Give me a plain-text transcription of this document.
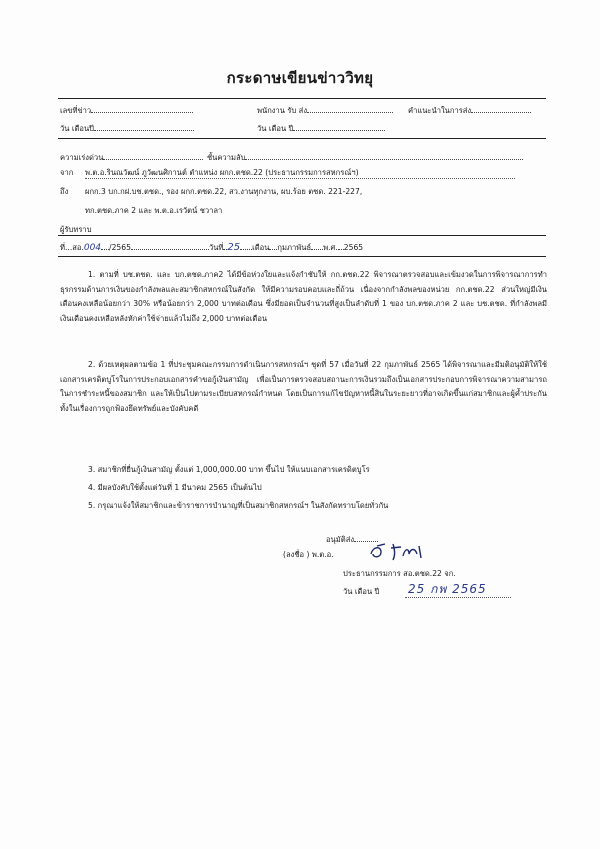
กระดาษเขียนข่าววิทยุ
เลขที่ข่าว	พนักงาน รับ ส่ง	คำแนะนำในการส่ง
วัน เดือนปี	วัน เดือน ปี
ความเร่งด่วน	ชั้นความลับ
จาก พ.ต.อ.รินณวัฒน์ ภูวัฒนศิกานต์ ตำแหน่ง ผกก.ตชด.22 (ประธานกรรมการสหกรณ์ฯ)
ถึง ผกก.3 บก.กฝ.บช.ตชด., รอง ผกก.ตชด.22, สว.งานทุกงาน, ผบ.ร้อย ตชด. 221-227,
ทก.ตชด.ภาค 2 และ พ.ต.อ.เรวัตน์ ชวาลา
ผู้รับทราบ
ที่...สอ.004 /2565	วันที่ 25 เดือน กุมภาพันธ์ พ.ศ. 2565
1. ตามที่ บช.ตชด. และ บก.ตชด.ภาค2 ได้มีข้อห่วงใยและแจ้งกำชับให้ กก.ตชด.22 พิจารณาตรวจสอบและเข้มงวดในการพิจารณาการทำธุรกรรมด้านการเงินของกำลังพลและสมาชิกสหกรณ์ในสังกัด ให้มีความรอบคอบและถี่ถ้วน เนื่องจากกำลังพลของหน่วย กก.ตชด.22 ส่วนใหญ่มีเงินเดือนคงเหลือน้อยกว่า 30% หรือน้อยกว่า 2,000 บาทต่อเดือน ซึ่งมียอดเป็นจำนวนที่สูงเป็นลำดับที่ 1 ของ บก.ตชด.ภาค 2 และ บช.ตชด. ที่กำลังพลมีเงินเดือนคงเหลือหลังหักค่าใช้จ่ายแล้วไม่ถึง 2,000 บาทต่อเดือน
2. ด้วยเหตุผลตามข้อ 1 ที่ประชุมคณะกรรมการดำเนินการสหกรณ์ฯ ชุดที่ 57 เมื่อวันที่ 22 กุมภาพันธ์ 2565 ได้พิจารณาและมีมติอนุมัติให้ใช้เอกสารเครดิตบูโรในการประกอบเอกสารคำขอกู้เงินสามัญ เพื่อเป็นการตรวจสอบสถานะการเงินรวมถึงเป็นเอกสารประกอบการพิจารณาความสามารถในการชำระหนี้ของสมาชิก และให้เป็นไปตามระเบียบสหกรณ์กำหนด โดยเป็นการแก้ไขปัญหาหนี้สินในระยะยาวที่อาจเกิดขึ้นแก่สมาชิกและผู้ค้ำประกัน ทั้งในเรื่องการถูกฟ้องยึดทรัพย์และบังคับคดี
3. สมาชิกที่ยื่นกู้เงินสามัญ ตั้งแต่ 1,000,000.00 บาท ขึ้นไป ให้แนบเอกสารเครดิตบูโร
4. มีผลบังคับใช้ตั้งแต่วันที่ 1 มีนาคม 2565 เป็นต้นไป
5. กรุณาแจ้งให้สมาชิกและข้าราชการบำนาญที่เป็นสมาชิกสหกรณ์ฯ ในสังกัดทราบโดยทั่วกัน
อนุมัติส่ง
(ลงชื่อ ) พ.ต.อ.
ประธานกรรมการ สอ.ตชด.22 จก.
วัน เดือน ปี 25 กพ 2565
